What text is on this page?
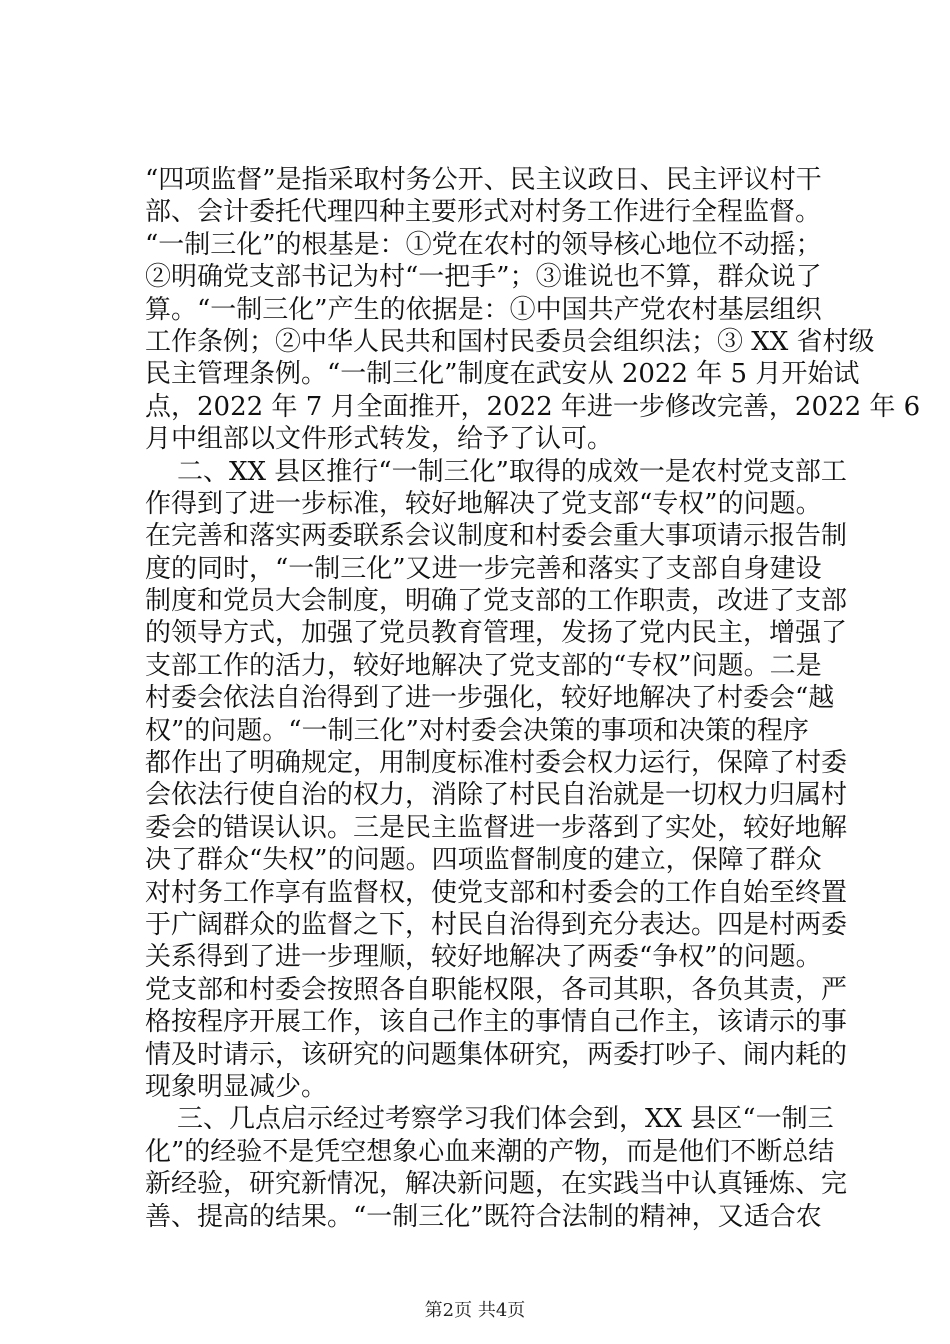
“四项监督”是指采取村务公开、民主议政日、民主评议村干
部、会计委托代理四种主要形式对村务工作进行全程监督。
“一制三化”的根基是：①党在农村的领导核心地位不动摇；
②明确党支部书记为村“一把手”；③谁说也不算，群众说了
算。“一制三化”产生的依据是：①中国共产党农村基层组织
工作条例；②中华人民共和国村民委员会组织法；③ XX 省村级
民主管理条例。“一制三化”制度在武安从 2022 年 5 月开始试
点，2022 年 7 月全面推开，2022 年进一步修改完善，2022 年 6
月中组部以文件形式转发，给予了认可。
二、XX 县区推行“一制三化”取得的成效一是农村党支部工
作得到了进一步标准，较好地解决了党支部“专权”的问题。
在完善和落实两委联系会议制度和村委会重大事项请示报告制
度的同时，“一制三化”又进一步完善和落实了支部自身建设
制度和党员大会制度，明确了党支部的工作职责，改进了支部
的领导方式，加强了党员教育管理，发扬了党内民主，增强了
支部工作的活力，较好地解决了党支部的“专权”问题。二是
村委会依法自治得到了进一步强化，较好地解决了村委会“越
权”的问题。“一制三化”对村委会决策的事项和决策的程序
都作出了明确规定，用制度标准村委会权力运行，保障了村委
会依法行使自治的权力，消除了村民自治就是一切权力归属村
委会的错误认识。三是民主监督进一步落到了实处，较好地解
决了群众“失权”的问题。四项监督制度的建立，保障了群众
对村务工作享有监督权，使党支部和村委会的工作自始至终置
于广阔群众的监督之下，村民自治得到充分表达。四是村两委
关系得到了进一步理顺，较好地解决了两委“争权”的问题。
党支部和村委会按照各自职能权限，各司其职，各负其责，严
格按程序开展工作，该自己作主的事情自己作主，该请示的事
情及时请示，该研究的问题集体研究，两委打吵子、闹内耗的
现象明显减少。
三、几点启示经过考察学习我们体会到，XX 县区“一制三
化”的经验不是凭空想象心血来潮的产物，而是他们不断总结
新经验，研究新情况，解决新问题，在实践当中认真锤炼、完
善、提高的结果。“一制三化”既符合法制的精神，又适合农
第2页 共4页
